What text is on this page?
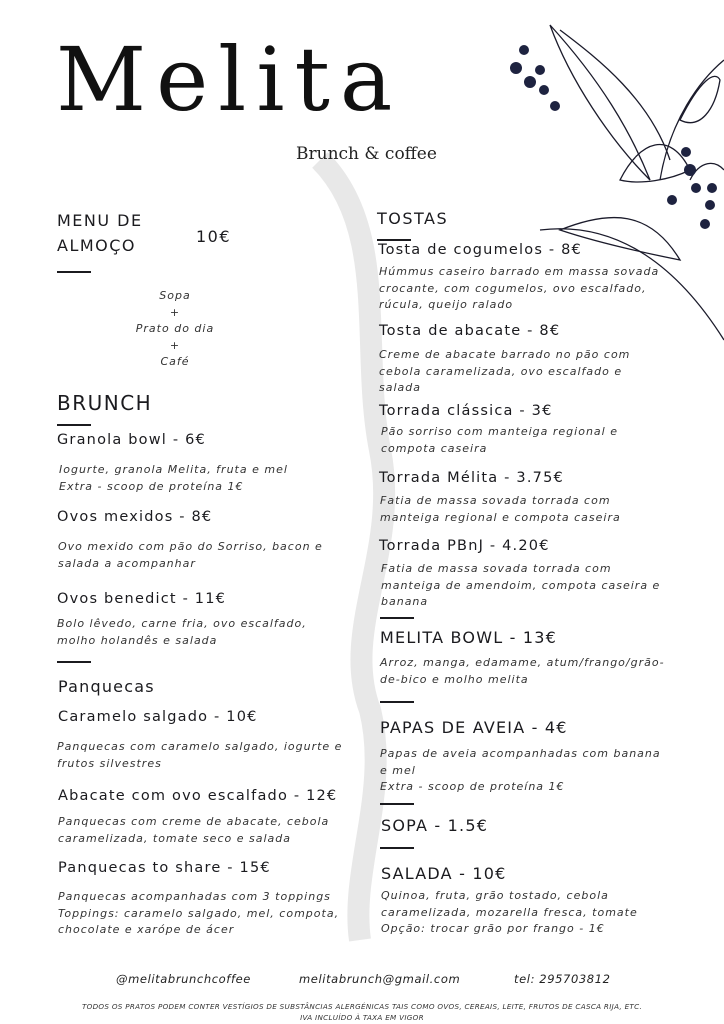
Melita
Brunch & coffee
MENU DE
ALMOÇO	10€
Sopa
+
Prato do dia
+
Café
BRUNCH
Granola bowl - 6€
Iogurte, granola Melita, fruta e mel
Extra - scoop de proteína 1€
Ovos mexidos - 8€
Ovo mexido com pão do Sorriso, bacon e
salada a acompanhar
Ovos benedict - 11€
Bolo lêvedo, carne fria, ovo escalfado,
molho holandês e salada
Panquecas
Caramelo salgado - 10€
Panquecas com caramelo salgado, iogurte e
frutos silvestres
Abacate com ovo escalfado - 12€
Panquecas com creme de abacate, cebola
caramelizada, tomate seco e salada
Panquecas to share - 15€
Panquecas acompanhadas com 3 toppings
Toppings: caramelo salgado, mel, compota,
chocolate e xarópe de ácer
TOSTAS
Tosta de cogumelos - 8€
Húmmus caseiro barrado em massa sovada
crocante, com cogumelos, ovo escalfado,
rúcula, queijo ralado
Tosta de abacate - 8€
Creme de abacate barrado no pão com
cebola caramelizada, ovo escalfado e
salada
Torrada clássica - 3€
Pão sorriso com manteiga regional e
compota caseira
Torrada Mélita - 3.75€
Fatia de massa sovada torrada com
manteiga regional e compota caseira
Torrada PBnJ - 4.20€
Fatia de massa sovada torrada com
manteiga de amendoim, compota caseira e
banana
MELITA BOWL - 13€
Arroz, manga, edamame, atum/frango/grão-
de-bico e molho melita
PAPAS DE AVEIA - 4€
Papas de aveia acompanhadas com banana
e mel
Extra - scoop de proteína 1€
SOPA - 1.5€
SALADA - 10€
Quinoa, fruta, grão tostado, cebola
caramelizada, mozarella fresca, tomate
Opção: trocar grão por frango - 1€
@melitabrunchcoffee	melitabrunch@gmail.com	tel: 295703812
TODOS OS PRATOS PODEM CONTER VESTÍGIOS DE SUBSTÂNCIAS ALERGÉNICAS TAIS COMO OVOS, CEREAIS, LEITE, FRUTOS DE CASCA RIJA, ETC.
IVA INCLUÍDO À TAXA EM VIGOR
